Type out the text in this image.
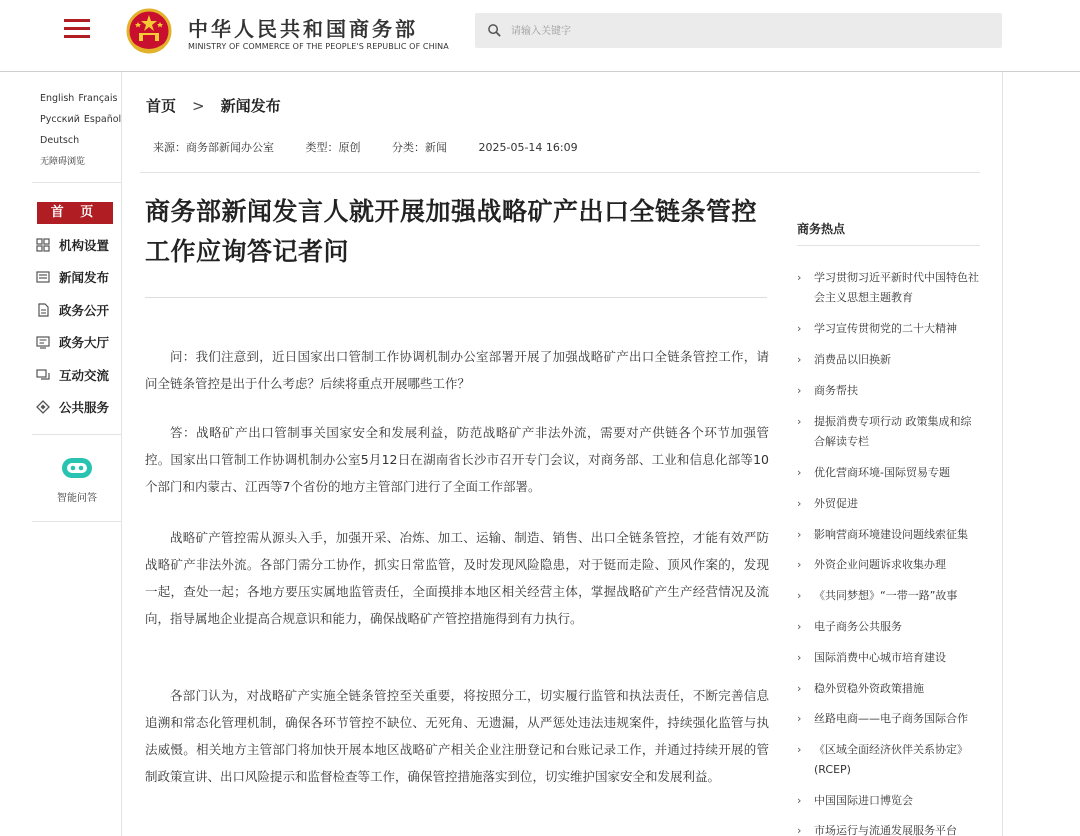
中华人民共和国商务部
MINISTRY OF COMMERCE OF THE PEOPLE'S REPUBLIC OF CHINA
请输入关键字
English Français
Русский Español
Deutsch
无障碍浏览
首 页
机构设置
新闻发布
政务公开
政务大厅
互动交流
公共服务
智能问答
首页 > 新闻发布
来源：商务部新闻办公室	类型：原创	分类：新闻	2025-05-14 16:09
商务部新闻发言人就开展加强战略矿产出口全链条管控工作应询答记者问

问：我们注意到，近日国家出口管制工作协调机制办公室部署开展了加强战略矿产出口全链条管控工作，请问全链条管控是出于什么考虑？后续将重点开展哪些工作？

答：战略矿产出口管制事关国家安全和发展利益，防范战略矿产非法外流，需要对产供链各个环节加强管控。国家出口管制工作协调机制办公室5月12日在湖南省长沙市召开专门会议，对商务部、工业和信息化部等10个部门和内蒙古、江西等7个省份的地方主管部门进行了全面工作部署。

战略矿产管控需从源头入手，加强开采、冶炼、加工、运输、制造、销售、出口全链条管控，才能有效严防战略矿产非法外流。各部门需分工协作，抓实日常监管，及时发现风险隐患，对于铤而走险、顶风作案的，发现一起，查处一起；各地方要压实属地监管责任，全面摸排本地区相关经营主体，掌握战略矿产生产经营情况及流向，指导属地企业提高合规意识和能力，确保战略矿产管控措施得到有力执行。

各部门认为，对战略矿产实施全链条管控至关重要，将按照分工，切实履行监管和执法责任，不断完善信息追溯和常态化管理机制，确保各环节管控不缺位、无死角、无遗漏，从严惩处违法违规案件，持续强化监管与执法威慑。相关地方主管部门将加快开展本地区战略矿产相关企业注册登记和台账记录工作，并通过持续开展的管制政策宣讲、出口风险提示和监督检查等工作，确保管控措施落实到位，切实维护国家安全和发展利益。

商务热点
› 学习贯彻习近平新时代中国特色社会主义思想主题教育
› 学习宣传贯彻党的二十大精神
› 消费品以旧换新
› 商务帮扶
› 提振消费专项行动 政策集成和综合解读专栏
› 优化营商环境-国际贸易专题
› 外贸促进
› 影响营商环境建设问题线索征集
› 外资企业问题诉求收集办理
› 《共同梦想》“一带一路”故事
› 电子商务公共服务
› 国际消费中心城市培育建设
› 稳外贸稳外资政策措施
› 丝路电商——电子商务国际合作
› 《区域全面经济伙伴关系协定》(RCEP)
› 中国国际进口博览会
› 市场运行与流通发展服务平台
